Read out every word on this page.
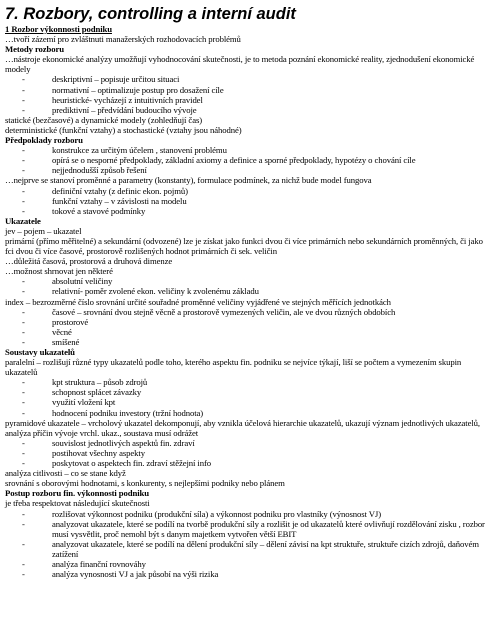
7. Rozbory, controlling a interní audit
1 Rozbor výkonnosti podniku
…tvoří zázemí pro zvláštnuti manažerských rozhodovacích problémů
Metody rozboru
…nástroje ekonomické analýzy umožňují vyhodnocování skutečnosti, je to metoda poznání ekonomické reality, zjednodušení ekonomické modely
-	deskriptivní – popisuje určitou situaci
-	normativní – optimalizuje postup pro dosažení cíle
-	heuristické- vycházejí z intuitivních pravidel
-	prediktivní – předvídání budoucího vývoje
statické (bezčasové) a dynamické modely (zohledňují čas)
deterministické (funkční vztahy) a stochastické (vztahy jsou náhodné)
Předpoklady rozboru
-	konstrukce za určitým účelem , stanovení problému
-	opírá se o nesporné předpoklady, základní axiomy a definice a sporné předpoklady, hypotézy o chování cíle
-	nejjednodušší způsob řešení
…nejprve se stanoví proměnné a parametry (konstanty), formulace podmínek, za nichž bude model fungova
-	definiční vztahy (z definic ekon. pojmů)
-	funkční vztahy – v závislosti na modelu
-	tokové a stavové podmínky
Ukazatele
jev – pojem – ukazatel
primární (přímo měřitelné) a sekundární (odvozené) lze je získat jako funkci dvou či více primárních nebo sekundárních proměnných, či jako fci dvou či více časové, prostorově rozlišených hodnot primárních či sek. veličin
…důležitá časová, prostorová a druhová dimenze
…možnost shrnovat jen některé
-	absolutní veličiny
-	relativní- poměr zvolené ekon. veličiny k zvolenému základu
index – bezrozměrné číslo srovnání určité souřadné proměnné veličiny vyjádřené ve stejných měřících jednotkách
-	časové – srovnání dvou stejně věcně a prostorově vymezených veličin, ale ve dvou různých obdobích
-	prostorové
-	věcné
-	smíšené
Soustavy ukazatelů
paralelní – rozlišují různé typy ukazatelů podle toho, kterého aspektu fin. podniku se nejvíce týkají, liší se počtem a vymezením skupin ukazatelů
-	kpt struktura – působ zdrojů
-	schopnost splácet závazky
-	využití vložení kpt
-	hodnocení podniku investory (tržní hodnota)
pyramidové ukazatele – vrcholový ukazatel dekomponují, aby vznikla účelová hierarchie ukazatelů, ukazují význam jednotlivých ukazatelů, analýza příčin vývoje vrchl. ukaz., soustava musí odrážet
-	souvislost jednotlivých aspektů fin. zdraví
-	postihovat všechny aspekty
-	poskytovat o aspektech fin. zdraví stěžejní info
analýza citlivosti – co se stane když
srovnání s oborovými hodnotami, s konkurenty, s nejlepšími podniky nebo plánem
Postup rozboru fin. výkonnosti podniku
je třeba respektovat následující skutečnosti
-	rozlišovat výkonnost podniku (produkční síla) a výkonnost podniku pro vlastníky (výnosnost VJ)
-	analyzovat ukazatele, které se podílí na tvorbě produkční síly a rozlišit je od ukazatelů které ovlivňují rozdělování zisku , rozbor musí vysvětlit, proč nemohl být s danym majetkem vytvořen větší EBIT
-	analyzovat ukazatele, které se podílí na dělení produkční síly – dělení závisí na kpt struktuře, struktuře cizích zdrojů, daňovém zatížení
-	analýza finanční rovnováhy
-	analýza vynosnosti VJ a jak působí na výši rizika
